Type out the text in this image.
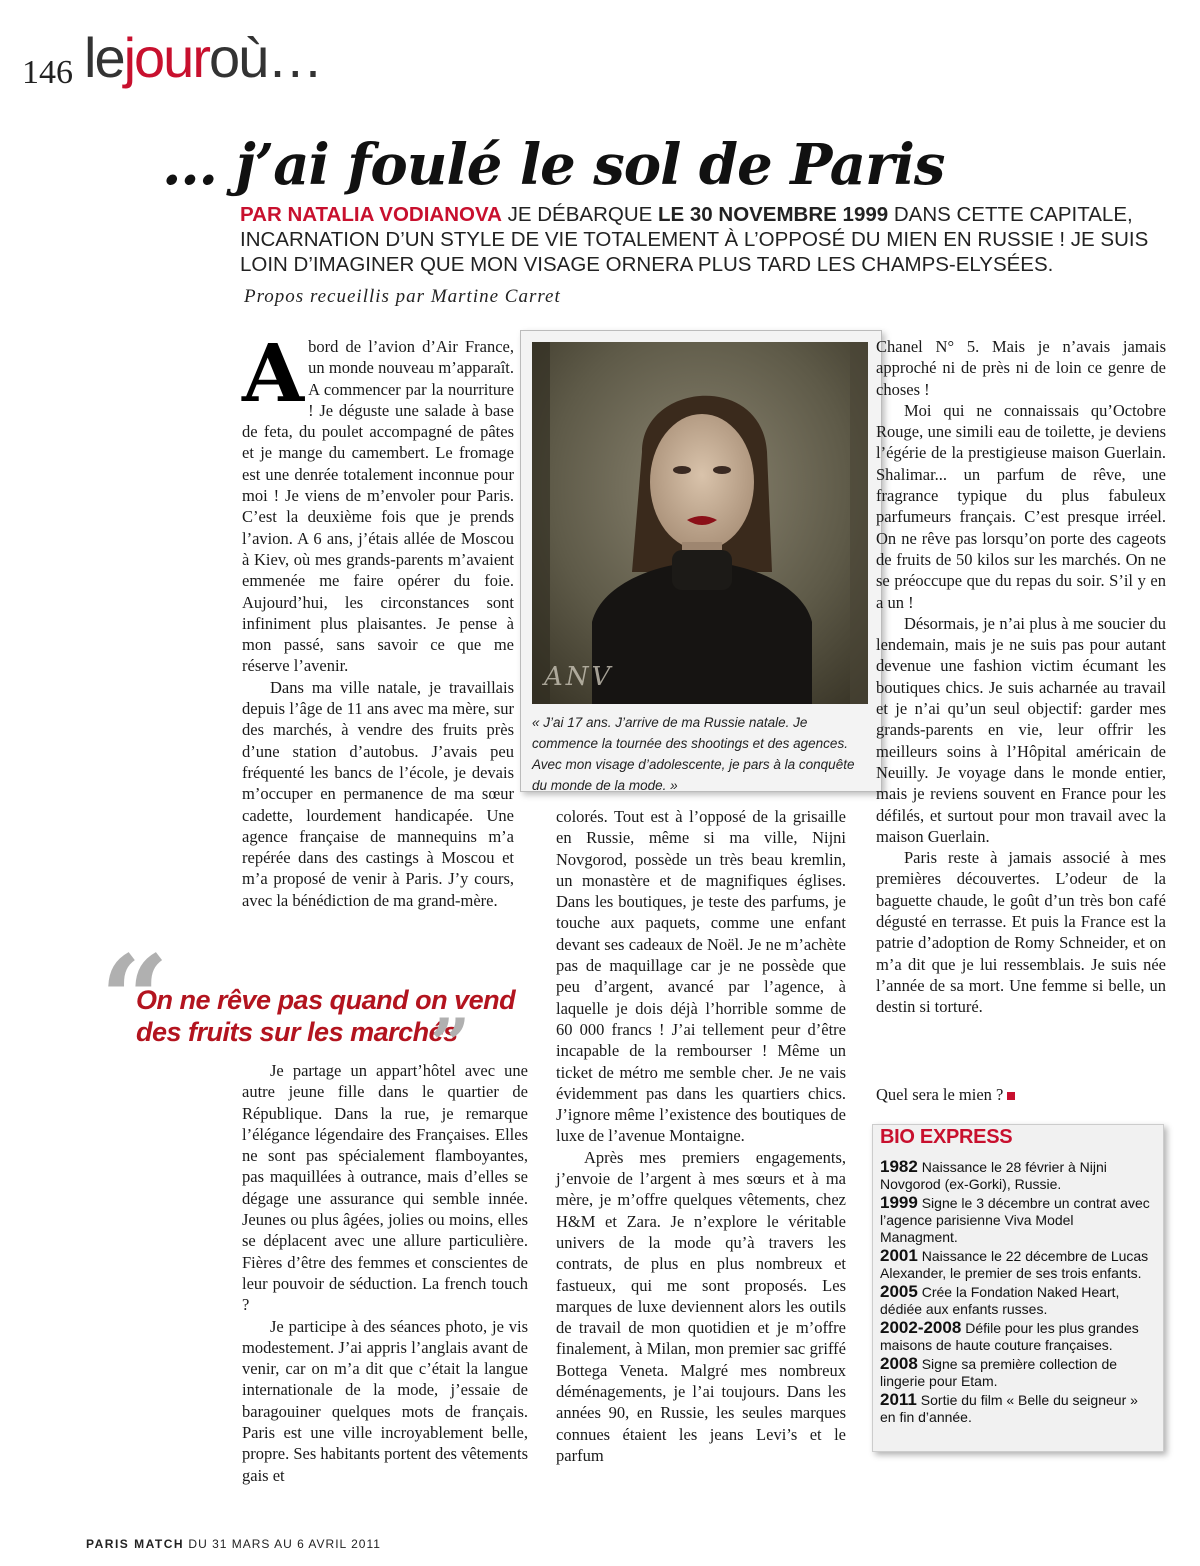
146 lejouroù…
… j’ai foulé le sol de Paris
PAR NATALIA VODIANOVA JE DÉBARQUE LE 30 NOVEMBRE 1999 DANS CETTE CAPITALE, INCARNATION D’UN STYLE DE VIE TOTALEMENT À L’OPPOSÉ DU MIEN EN RUSSIE ! JE SUIS LOIN D’IMAGINER QUE MON VISAGE ORNERA PLUS TARD LES CHAMPS-ELYSÉES.
Propos recueillis par Martine Carret

Abord de l’avion d’Air France, un monde nouveau m’apparaît. A commencer par la nourriture ! Je déguste une salade à base de feta, du poulet accompagné de pâtes et je mange du camembert. Le fromage est une denrée totalement inconnue pour moi ! Je viens de m’envoler pour Paris. C’est la deuxième fois que je prends l’avion. A 6 ans, j’étais allée de Moscou à Kiev, où mes grands-parents m’avaient emmenée me faire opérer du foie. Aujourd’hui, les circonstances sont infiniment plus plaisantes. Je pense à mon passé, sans savoir ce que me réserve l’avenir.

Dans ma ville natale, je travaillais depuis l’âge de 11 ans avec ma mère, sur des marchés, à vendre des fruits près d’une station d’autobus. J’avais peu fréquenté les bancs de l’école, je devais m’occuper en permanence de ma sœur cadette, lourdement handicapée. Une agence française de mannequins m’a repérée dans des castings à Moscou et m’a proposé de venir à Paris. J’y cours, avec la bénédiction de ma grand-mère.

“
On ne rêve pas quand on vend des fruits sur les marchés
”

Je partage un appart’hôtel avec une autre jeune fille dans le quartier de République. Dans la rue, je remarque l’élégance légendaire des Françaises. Elles ne sont pas spécialement flamboyantes, pas maquillées à outrance, mais d’elles se dégage une assurance qui semble innée. Jeunes ou plus âgées, jolies ou moins, elles se déplacent avec une allure particulière. Fières d’être des femmes et conscientes de leur pouvoir de séduction. La french touch ?

Je participe à des séances photo, je vis modestement. J’ai appris l’anglais avant de venir, car on m’a dit que c’était la langue internationale de la mode, j’essaie de baragouiner quelques mots de français. Paris est une ville incroyablement belle, propre. Ses habitants portent des vêtements gais et

ANV
« J’ai 17 ans. J’arrive de ma Russie natale. Je commence la tournée des shootings et des agences. Avec mon visage d’adolescente, je pars à la conquête du monde de la mode. »

colorés. Tout est à l’opposé de la grisaille en Russie, même si ma ville, Nijni Novgorod, possède un très beau kremlin, un monastère et de magnifiques églises. Dans les boutiques, je teste des parfums, je touche aux paquets, comme une enfant devant ses cadeaux de Noël. Je ne m’achète pas de maquillage car je ne possède que peu d’argent, avancé par l’agence, à laquelle je dois déjà l’horrible somme de 60 000 francs ! J’ai tellement peur d’être incapable de la rembourser ! Même un ticket de métro me semble cher. Je ne vais évidemment pas dans les quartiers chics. J’ignore même l’existence des boutiques de luxe de l’avenue Montaigne.

Après mes premiers engagements, j’envoie de l’argent à mes sœurs et à ma mère, je m’offre quelques vêtements, chez H&M et Zara. Je n’explore le véritable univers de la mode qu’à travers les contrats, de plus en plus nombreux et fastueux, qui me sont proposés. Les marques de luxe deviennent alors les outils de travail de mon quotidien et je m’offre finalement, à Milan, mon premier sac griffé Bottega Veneta. Malgré mes nombreux déménagements, je l’ai toujours. Dans les années 90, en Russie, les seules marques connues étaient les jeans Levi’s et le parfum

Chanel N° 5. Mais je n’avais jamais approché ni de près ni de loin ce genre de choses !

Moi qui ne connaissais qu’Octobre Rouge, une simili eau de toilette, je deviens l’égérie de la prestigieuse maison Guerlain. Shalimar... un parfum de rêve, une fragrance typique du plus fabuleux parfumeurs français. C’est presque irréel. On ne rêve pas lorsqu’on porte des cageots de fruits de 50 kilos sur les marchés. On ne se préoccupe que du repas du soir. S’il y en a un !

Désormais, je n’ai plus à me soucier du lendemain, mais je ne suis pas pour autant devenue une fashion victim écumant les boutiques chics. Je suis acharnée au travail et je n’ai qu’un seul objectif: garder mes grands-parents en vie, leur offrir les meilleurs soins à l’Hôpital américain de Neuilly. Je voyage dans le monde entier, mais je reviens souvent en France pour les défilés, et surtout pour mon travail avec la maison Guerlain.

Paris reste à jamais associé à mes premières découvertes. L’odeur de la baguette chaude, le goût d’un très bon café dégusté en terrasse. Et puis la France est la patrie d’adoption de Romy Schneider, et on m’a dit que je lui ressemblais. Je suis née l’année de sa mort. Une femme si belle, un destin si torturé.

Quel sera le mien ?

BIO EXPRESS
1982 Naissance le 28 février à Nijni Novgorod (ex-Gorki), Russie.
1999 Signe le 3 décembre un contrat avec l’agence parisienne Viva Model Managment.
2001 Naissance le 22 décembre de Lucas Alexander, le premier de ses trois enfants.
2005 Crée la Fondation Naked Heart, dédiée aux enfants russes.
2002-2008 Défile pour les plus grandes maisons de haute couture françaises.
2008 Signe sa première collection de lingerie pour Etam.
2011 Sortie du film « Belle du seigneur » en fin d’année.
PARIS MATCH DU 31 MARS AU 6 AVRIL 2011
